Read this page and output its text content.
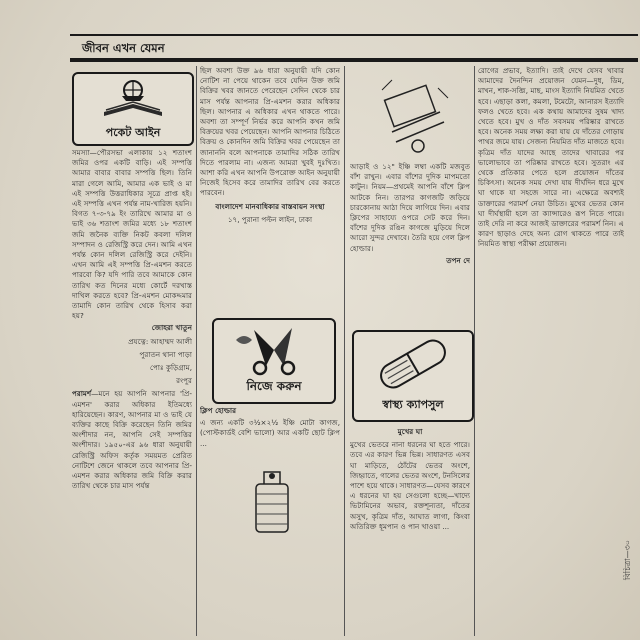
জীবন এখন যেমন
পকেট আইন

সমস্যা—পৌরসভা এলাকায় ১২ শতাংশ জমির ওপর একটি বাড়ি। এই সম্পত্তি আমার বাবার বাবার সম্পত্তি ছিল। তিনি মারা গেলে আমি, আমার এক ভাই ও মা এই সম্পত্তি উত্তরাধিকার সূত্রে প্রাপ্ত হই। এই সম্পত্তি এখন পর্যন্ত নাম-খারিজ হয়নি। বিগত ৭-৩-৭৯ ইং তারিখে আমার মা ও ভাই ৩৬ শতাংশ জমির মধ্যে ১৮ শতাংশ জমি জনৈক ব্যক্তি নিকট কবলা দলিল সম্পাদন ও রেজিস্ট্রি করে দেন। আমি এখন পর্যন্ত কোন দলিল রেজিস্ট্রি করে দেইনি। এখন আমি এই সম্পত্তি প্রি-এমশন করতে পারবো কি? যদি পারি তবে আমাকে কোন তারিখ কত দিনের মধ্যে কোর্টে দরখাস্ত দাখিল করতে হবে? প্রি-এমশন মোকদ্দমার তামাদি কোন তারিখ থেকে হিসাব করা হয়?

জোহরা খাতুন

প্রযত্নে: আহাম্মদ আলী

পুরাতন থানা পাড়া

পোঃ কুড়িগ্রাম,

রংপুর

পরামর্শ—মনে হয় আপনি আপনার 'প্রি-এমশন' করার অধিকার ইতিমধ্যে হারিয়েছেন। কারণ, আপনার মা ও ভাই যে ব্যক্তির কাছে বিক্রি করেছেন তিনি জমির অংশীদার নন, আপনি সেই সম্পত্তির অংশীদার। ১৯৫০-এর ৯৬ ধারা অনুযায়ী রেজিস্ট্রি অফিস কর্তৃক সময়মত প্রেরিত নোটিশে জেনে থাকলে তবে আপনার প্রি-এমশন করার অধিকার জমি বিক্রি করার তারিখ থেকে চার মাস পর্যন্ত

ছিল অবশ্য উক্ত ৯৬ ধারা অনুযায়ী যদি কোন নোটিশ না পেয়ে থাকেন তবে যেদিন উক্ত জমি বিক্রির খবর জানতে পেরেছেন সেদিন থেকে চার মাস পর্যন্ত আপনার প্রি-এমশন করার অধিকার ছিল। আপনার এ অধিকার এখন থাকতে পারে। অবশ্য তা সম্পূর্ণ নির্ভর করে আপনি কখন জমি বিক্রয়ের খবর পেয়েছেন। আপনি আপনার চিঠিতে বিক্রয় ও কোনদিন জমি বিক্রির খবর পেয়েছেন তা জানাননি বলে আপনাকে তামাদির সঠিক তারিখ দিতে পারলাম না। এজন্য আমরা খুবই দুঃখিত। আশা করি এখন আপনি উপরোক্ত আইন অনুযায়ী নিজেই হিসেব করে তামাদির তারিখ বের করতে পারবেন।

বাংলাদেশ মানবাধিকার বাস্তবায়ন সংস্থা

১৭, পুরানা পল্টন লাইন, ঢাকা

নিজে করুন

ক্লিপ হোল্ডার

এ জন্য একটি ৩½×২½ ইঞ্চি মোটা কাগজ, (পোস্টকার্ডই বেশি ভালো) আর একটি ছোট ক্লিপ ...

আড়াই ও ১২" ইঞ্চি লম্বা একটি মজবুত বাঁশ রাখুন। এবার বাঁশের দুদিক মাপমতো কাটুন। নিয়ম—প্রথমেই আপনি বাঁশে ক্লিপ আটকে নিন। তারপর কাগজটি জড়িয়ে চারকোনায় আঠা দিয়ে লাগিয়ে দিন। এবার ক্লিপের সাহায্যে ওপরে সেট করে দিন। বাঁশের দুদিক রঙিন কাগজে মুড়িয়ে দিলে আরো সুন্দর দেখাবে। তৈরি হয়ে গেল ক্লিপ হোল্ডার।

তপন দে

স্বাস্থ্য ক্যাপসুল

মুখের ঘা

মুখের ভেতরে নানা ধরনের ঘা হতে পারে। তবে এর কারণ ভিন্ন ভিন্ন। সাধারণত এসব ঘা মাড়িতে, ঠোঁটের ভেতর অংশে, জিহ্বাতে, গালের ভেতর অংশে, টনসিলের পাশে হয়ে থাকে। সাধারণত—যেসব কারণে এ ধরনের ঘা হয় সেগুলো হচ্ছে—খাদ্যে ভিটামিনের অভাব, রক্তশূন্যতা, দাঁতের অসুখ, কৃত্রিম দাঁত, আঘাত লাগা, কিংবা অতিরিক্ত ধূমপান ও পান খাওয়া ...

রোগের প্রভাব, ইত্যাদি। তাই দেখে যেসব খাবার আমাদের দৈনন্দিন প্রয়োজন যেমন—দুধ, ডিম, মাখন, শাক-সব্জি, মাছ, মাংস ইত্যাদি নিয়মিত খেতে হবে। এছাড়া কলা, কমলা, টমেটো, আনারস ইত্যাদি ফলও খেতে হবে। এক কথায় আমাদের সুষম খাদ্য খেতে হবে। মুখ ও দাঁত সবসময় পরিষ্কার রাখতে হবে। অনেক সময় লক্ষ্য করা যায় যে দাঁতের গোড়ায় পাথর জমে যায়। সেজন্য নিয়মিত দাঁত মাজতে হবে। কৃত্রিম দাঁত যাদের আছে তাদের খাবারের পর ভালোভাবে তা পরিষ্কার রাখতে হবে। সুতরাং এর থেকে প্রতিকার পেতে হলে প্রয়োজন দাঁতের চিকিৎসা। অনেক সময় দেখা যায় দীর্ঘদিন ধরে মুখে ঘা থাকে যা সহজে সারে না। এক্ষেত্রে অবশ্যই ডাক্তারের পরামর্শ নেয়া উচিত। মুখের ভেতর কোন ঘা দীর্ঘস্থায়ী হলে তা ক্যান্সারেও রূপ নিতে পারে। তাই দেরি না করে আজই ডাক্তারের পরামর্শ নিন। এ কারণ ছাড়াও দেহে অন্য রোগ থাকতে পারে তাই নিয়মিত স্বাস্থ্য পরীক্ষা প্রয়োজন।

বিচিত্রা—৩০
